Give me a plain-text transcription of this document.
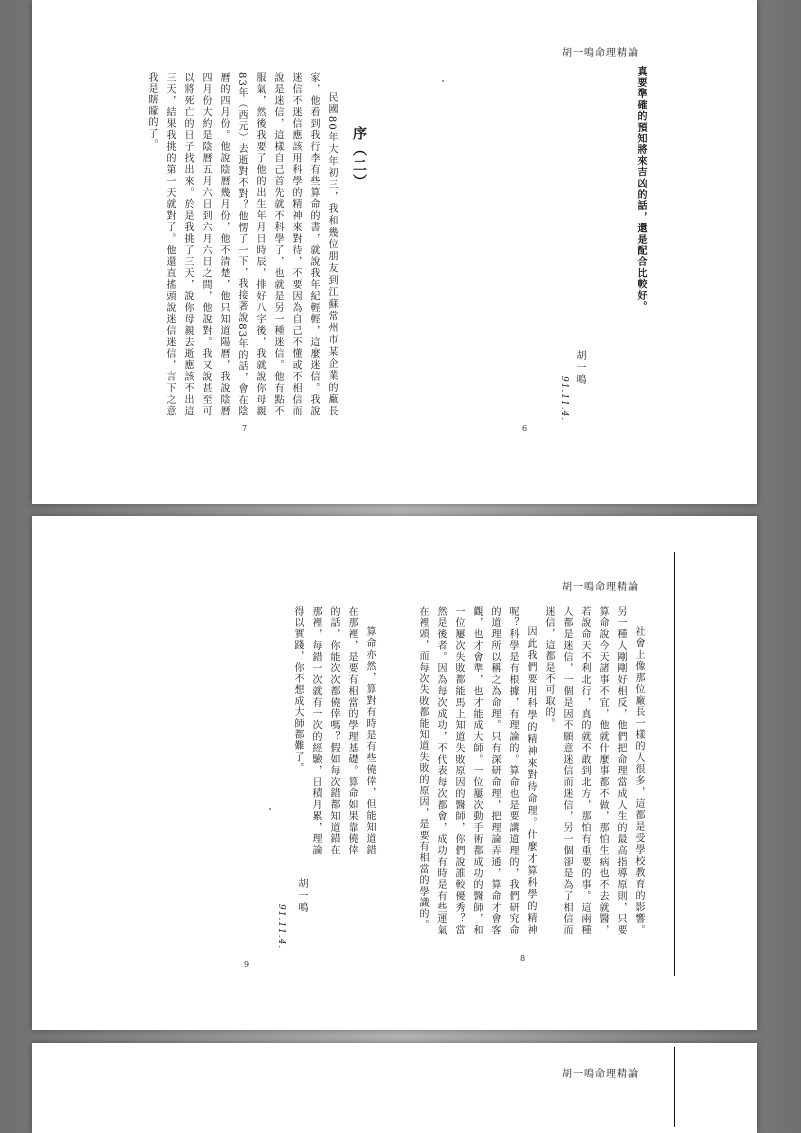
胡一鳴命理精論
真要準確的預知將來吉凶的話，還是配合比較好。
胡一鳴
91.11.4.
6
序（二）
民國80年大年初三，我和幾位朋友到江蘇常州市某企業的廠長家，他看到我行李有些算命的書，就說我年紀輕輕，這麼迷信。我說迷信不迷信應該用科學的精神來對待，不要因為自己不懂或不相信而說是迷信，這樣自己首先就不科學了，也就是另一種迷信。他有點不服氣，然後我要了他的出生年月日時辰，排好八字後，我就說你母親83年（西元）去逝對不對？他愣了一下，我接著說83年的話，會在陰曆的四月份。他說陰曆幾月份，他不清楚，他只知道陽曆，我說陰曆四月份大約是陰曆五月六日到六月六日之間，他說對。我又說甚至可以將死亡的日子找出來。於是我挑了三天，說你母親去逝應該不出這三天，結果我挑的第一天就對了。他還直搖頭說迷信迷信，言下之意我是瞎矇的了。
7
胡一鳴命理精論
社會上像那位廠長一樣的人很多，這都是受學校教育的影響。另一種人剛剛好相反，他們把命理當成人生的最高指導原則，只要算命說今天諸事不宜，他就什麼事都不做，那怕生病也不去就醫，若說命天不利北行，真的就不敢到北方，那怕有重要的事。這兩種人都是迷信，一個是因不願意迷信而迷信，另一個卻是為了相信而迷信，這都是不可取的。
因此我們要用科學的精神來對待命理。什麼才算科學的精神呢？科學是有根據，有理論的。算命也是要講道理的，我們研究命的道理所以稱之為命理。只有深研命理，把理論弄通，算命才會客觀，也才會準，也才能成大師。一位屢次動手術都成功的醫師，和一位屢次失敗都能馬上知道失敗原因的醫師，你們說誰較優秀？當然是後者。因為每次成功，不代表每次都會，成功有時是有些運氣在裡頭，而每次失敗都能知道失敗的原因，是要有相當的學識的。
8
算命亦然，算對有時是有些僥倖，但能知道錯在那裡，是要有相當的學理基礎。算命如果靠僥倖的話，你能次次都僥倖嗎？假如每次錯都知道錯在那裡，每錯一次就有一次的經驗，日積月累，理論得以實踐，你不想成大師都難了。
胡一鳴
91.11.4.
9
胡一鳴命理精論
